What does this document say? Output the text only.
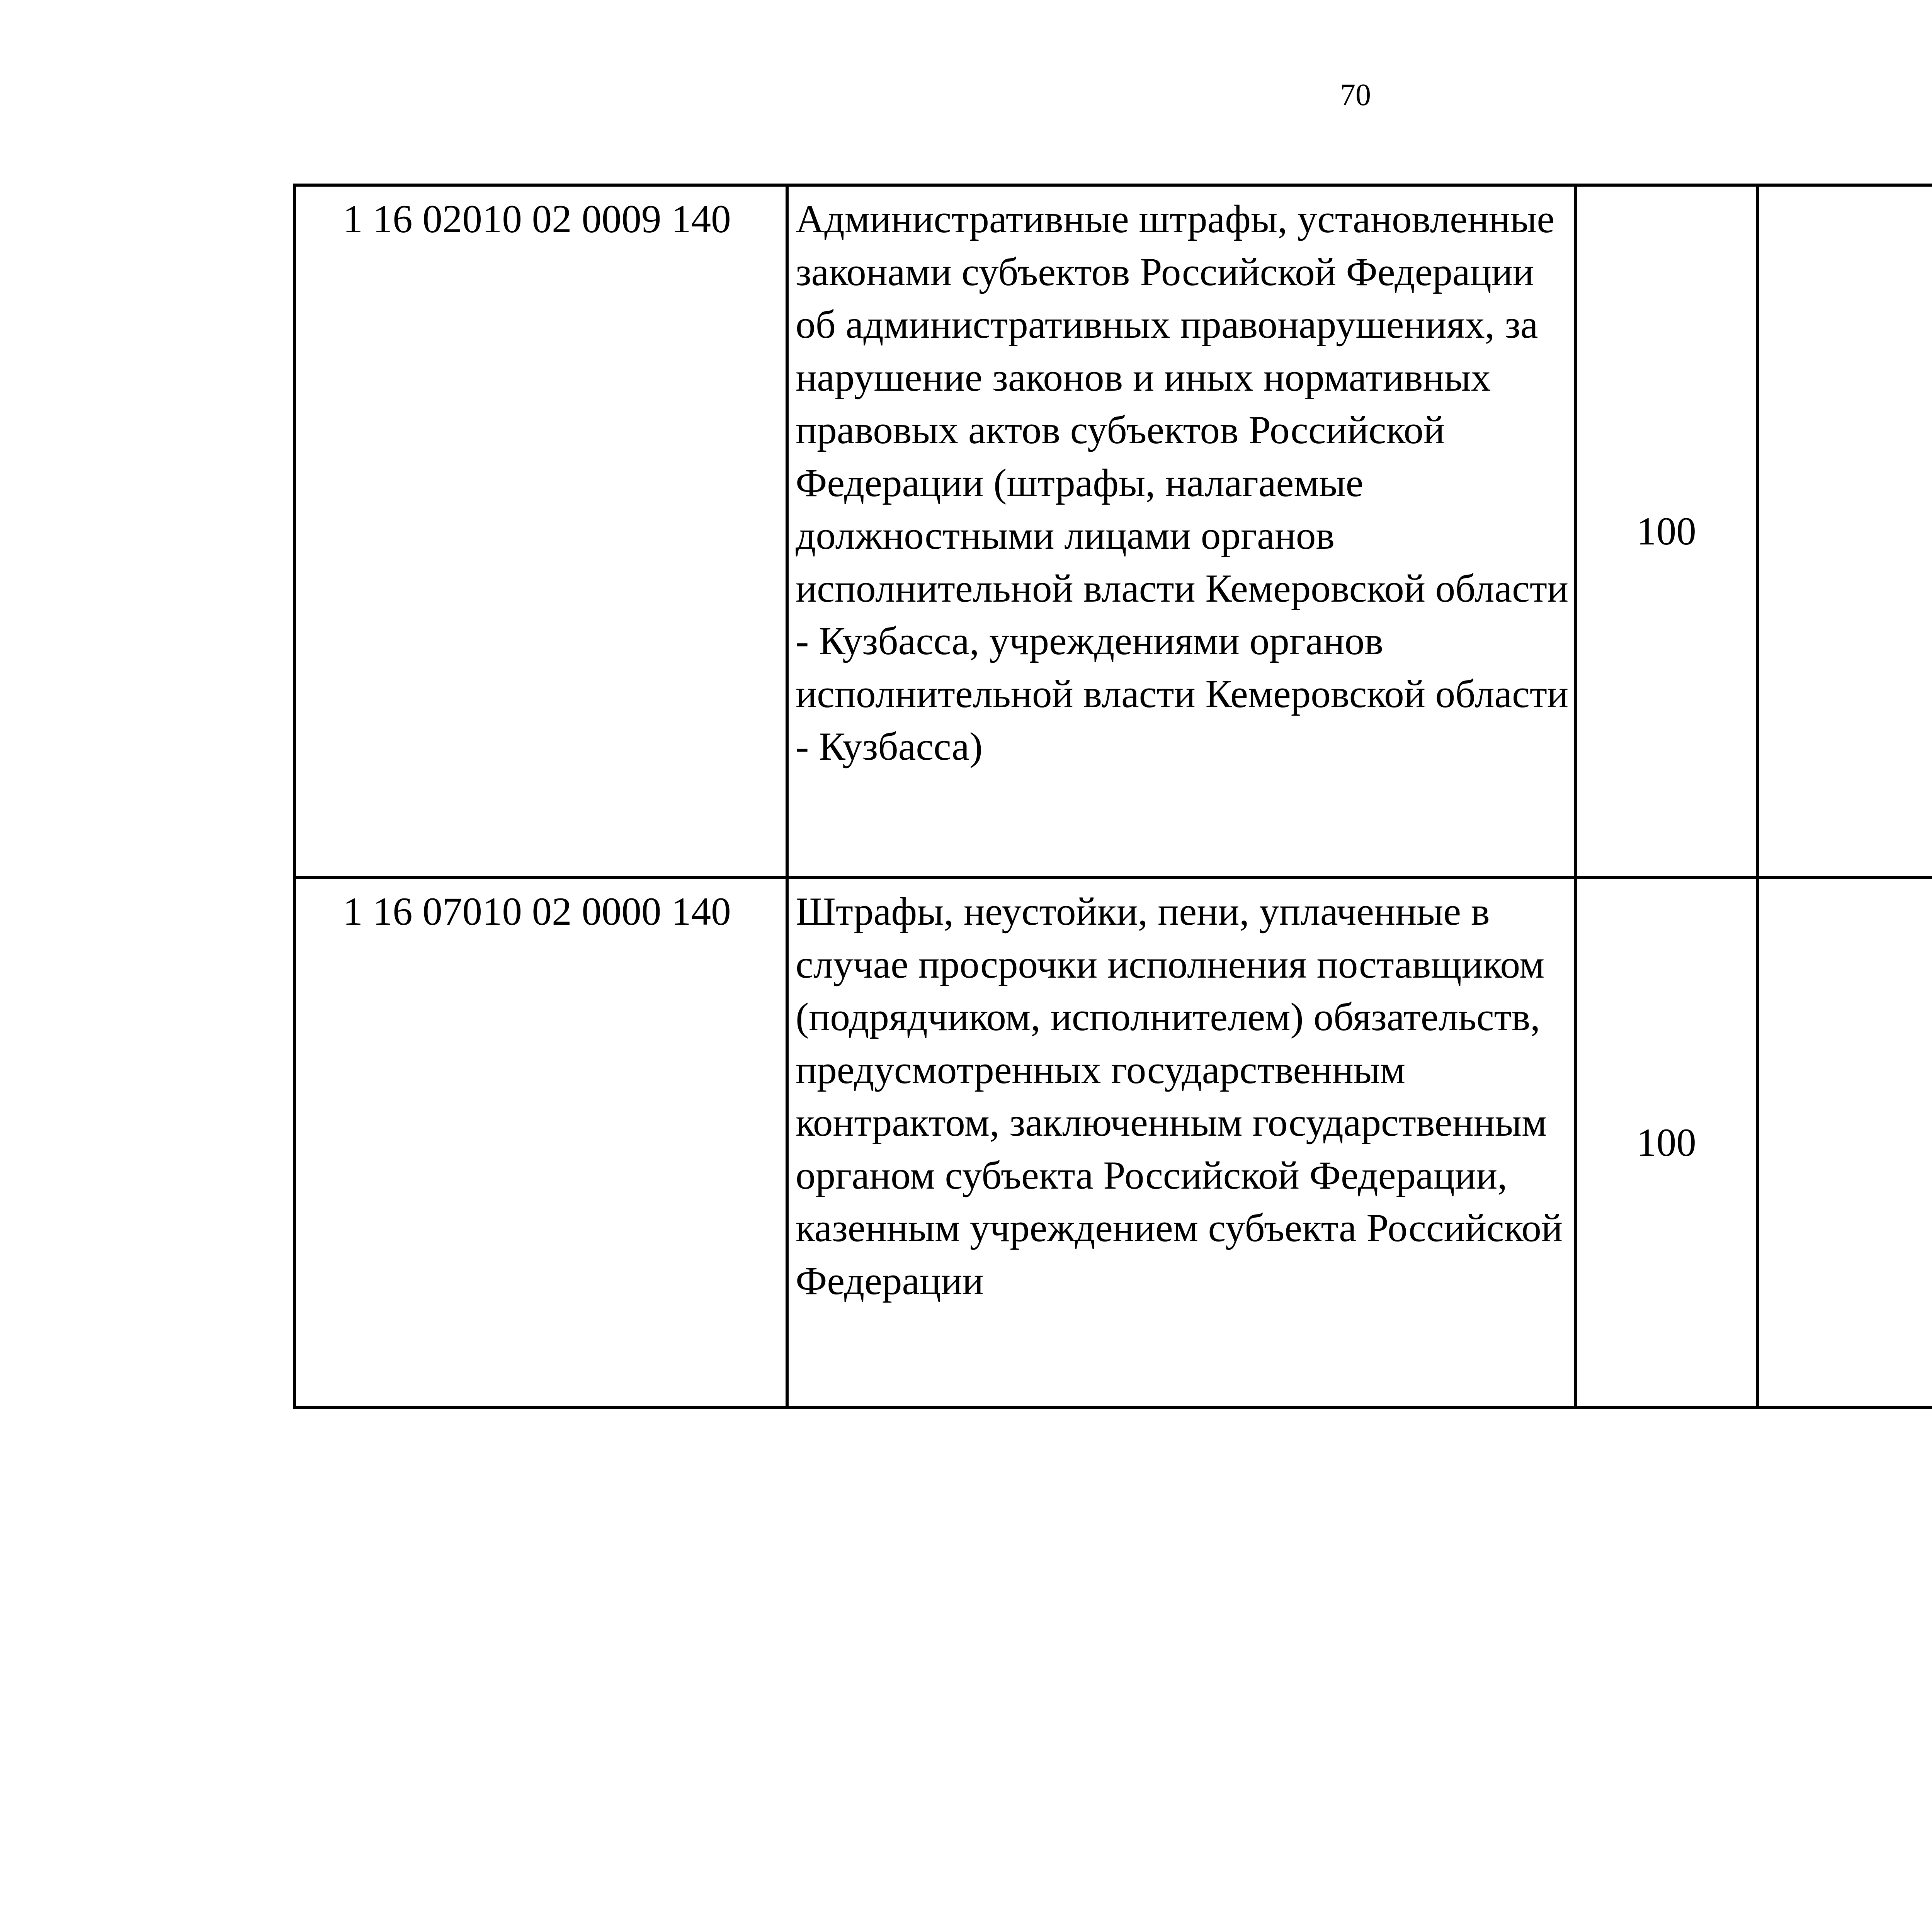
70
1 16 02010 02 0009 140	Административные штрафы, установленные законами субъектов Российской Федерации об административных правонарушениях, за нарушение законов и иных нормативных правовых актов субъектов Российской Федерации (штрафы, налагаемые должностными лицами органов исполнительной власти Кемеровской области - Кузбасса, учреждениями органов исполнительной власти Кемеровской области - Кузбасса)	100				
1 16 07010 02 0000 140	Штрафы, неустойки, пени, уплаченные в случае просрочки исполнения поставщиком (подрядчиком, исполнителем) обязательств, предусмотренных государственным контрактом, заключенным государственным органом субъекта Российской Федерации, казенным учреждением субъекта Российской Федерации	100				
